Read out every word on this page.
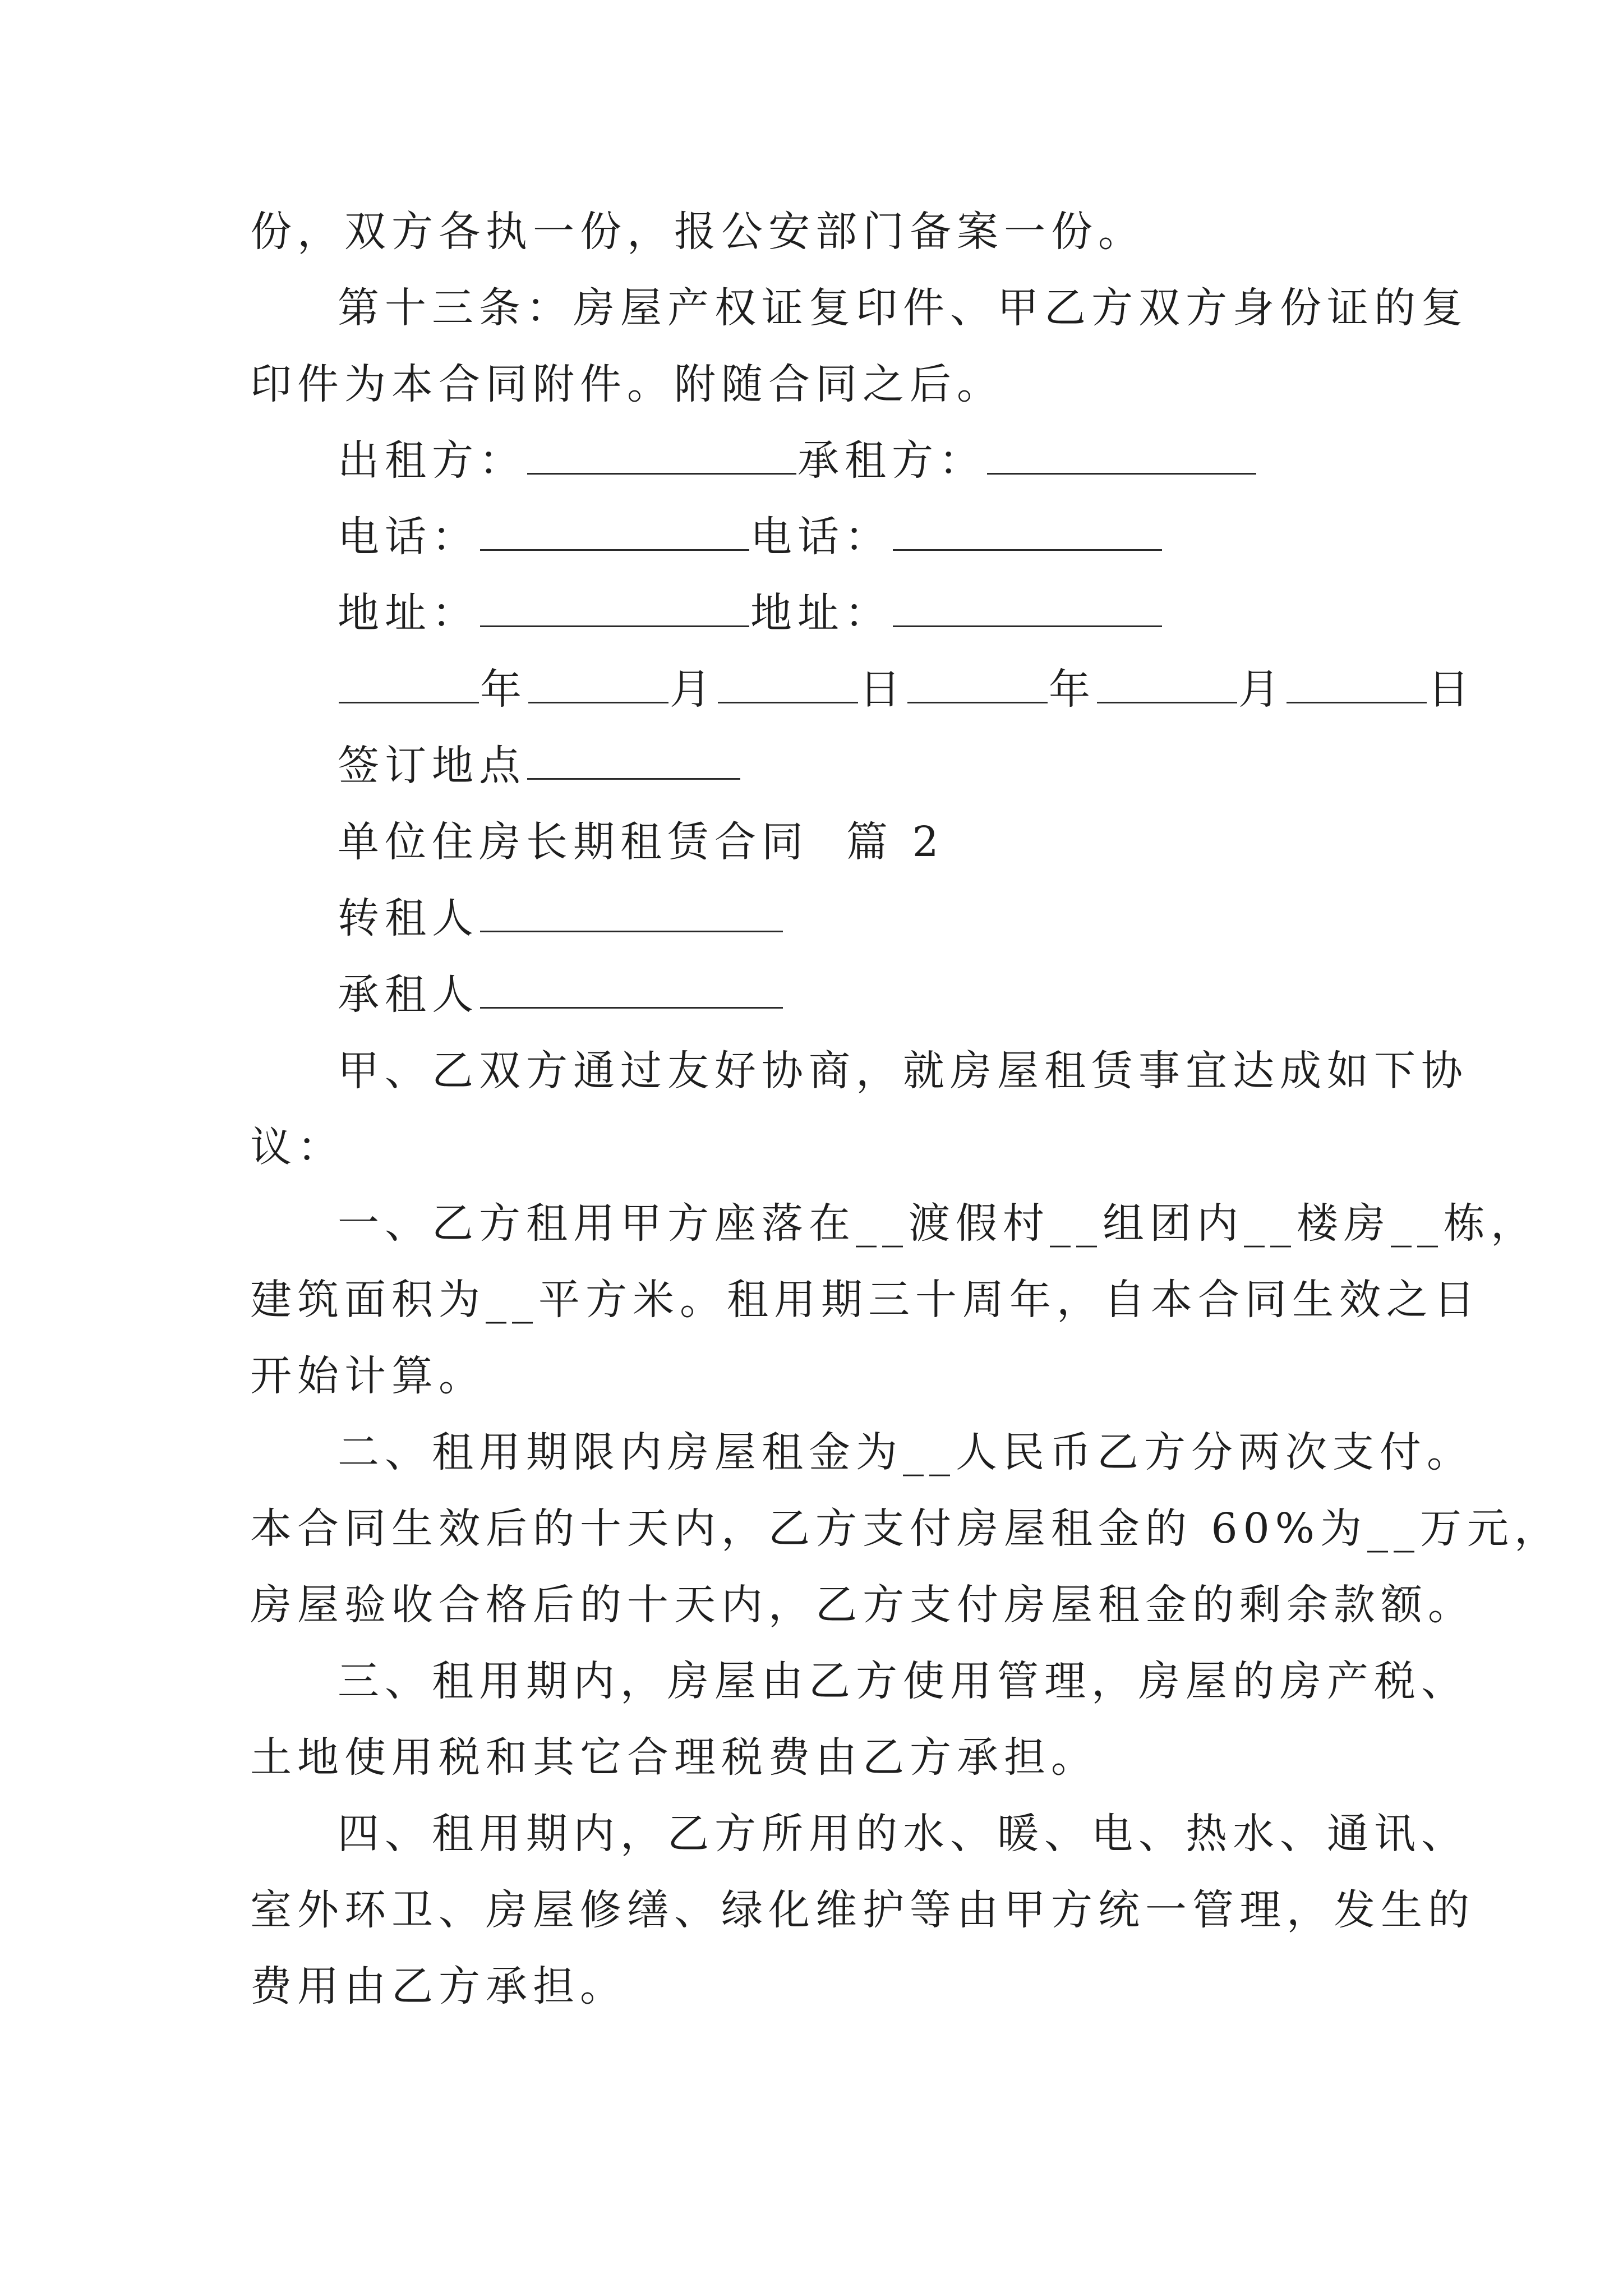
份，双方各执一份，报公安部门备案一份。
第十三条：房屋产权证复印件、甲乙方双方身份证的复
印件为本合同附件。附随合同之后。
出租方：	承租方：
电话：	电话：
地址：	地址：
年	月	日	年	月	日
签订地点
单位住房长期租赁合同  篇 2
转租人
承租人
甲、乙双方通过友好协商，就房屋租赁事宜达成如下协
议：
一、乙方租用甲方座落在__渡假村__组团内__楼房__栋，
建筑面积为__平方米。租用期三十周年，自本合同生效之日
开始计算。
二、租用期限内房屋租金为__人民币乙方分两次支付。
本合同生效后的十天内，乙方支付房屋租金的 60%为__万元，
房屋验收合格后的十天内，乙方支付房屋租金的剩余款额。
三、租用期内，房屋由乙方使用管理，房屋的房产税、
土地使用税和其它合理税费由乙方承担。
四、租用期内，乙方所用的水、暖、电、热水、通讯、
室外环卫、房屋修缮、绿化维护等由甲方统一管理，发生的
费用由乙方承担。
